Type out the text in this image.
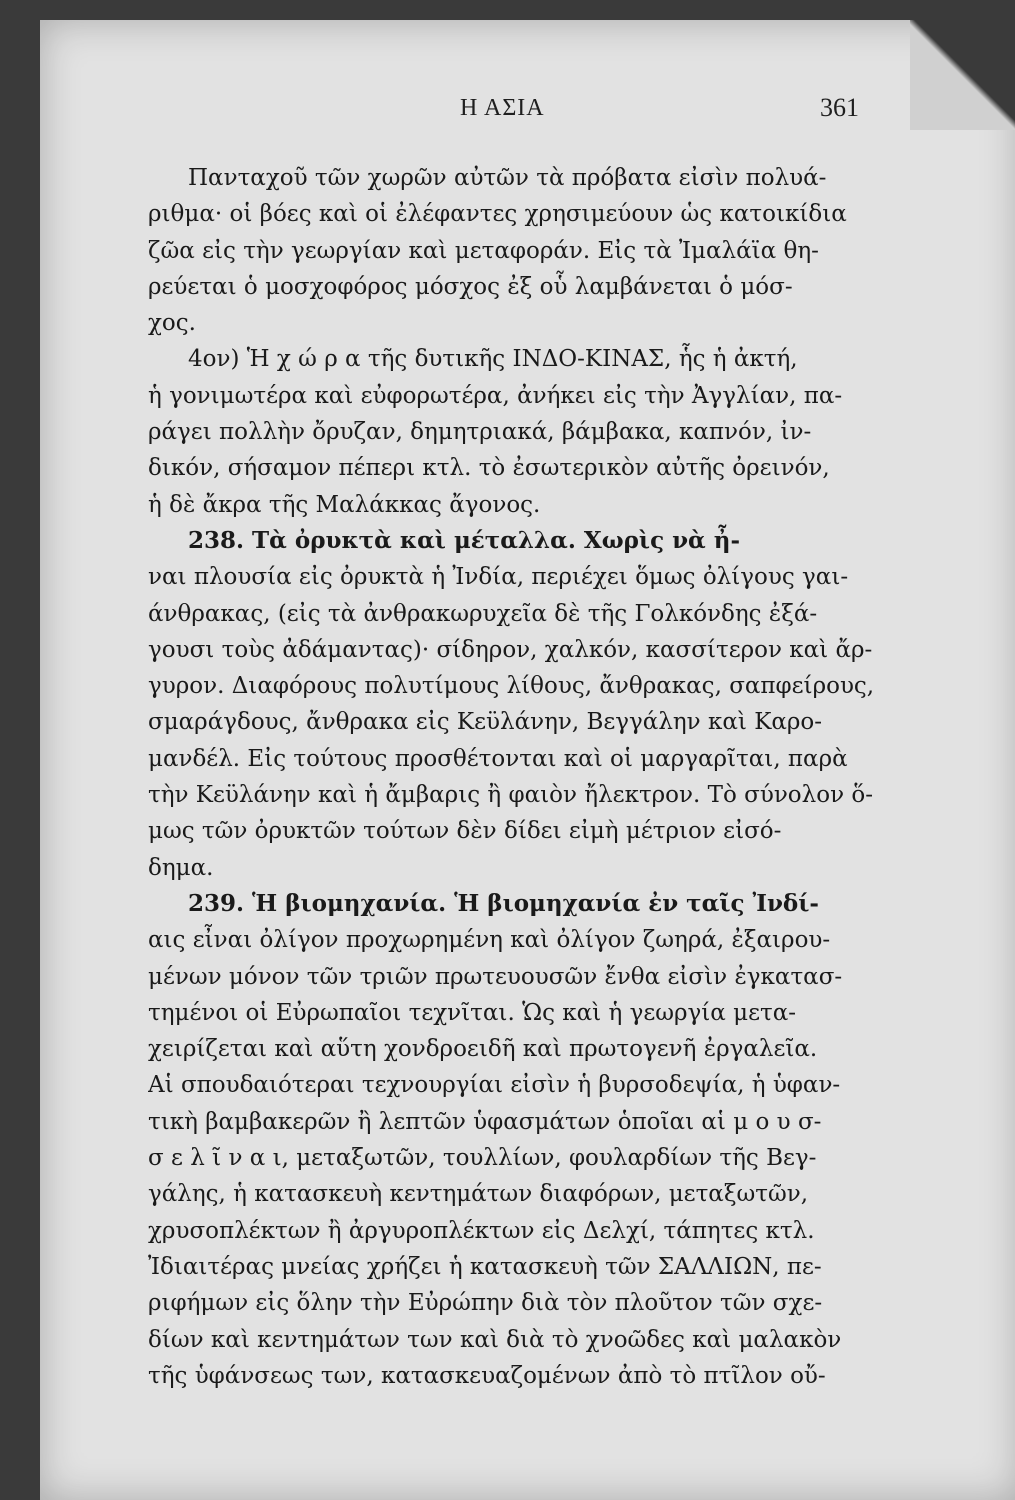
Η ΑΣΙΑ	361
Πανταχοῦ τῶν χωρῶν αὐτῶν τὰ πρόβατα εἰσὶν πολυά-
ριθμα· οἱ βόες καὶ οἱ ἐλέφαντες χρησιμεύουν ὡς κατοικίδια
ζῶα εἰς τὴν γεωργίαν καὶ μεταφοράν. Εἰς τὰ Ἰμαλάϊα θη-
ρεύεται ὁ μοσχοφόρος μόσχος ἐξ οὗ λαμβάνεται ὁ μόσ-
χος.
4ον) Ἡ χ ώ ρ α τῆς δυτικῆς ΙΝΔΟ-ΚΙΝΑΣ, ἧς ἡ ἀκτή,
ἡ γονιμωτέρα καὶ εὐφορωτέρα, ἀνήκει εἰς τὴν Ἀγγλίαν, πα-
ράγει πολλὴν ὄρυζαν, δημητριακά, βάμβακα, καπνόν, ἰν-
δικόν, σήσαμον πέπερι κτλ. τὸ ἐσωτερικὸν αὐτῆς ὀρεινόν,
ἡ δὲ ἄκρα τῆς Μαλάκκας ἄγονος.
238. Τὰ ὀρυκτὰ καὶ μέταλλα. Χωρὶς νὰ ἦ-
ναι πλουσία εἰς ὀρυκτὰ ἡ Ἰνδία, περιέχει ὅμως ὀλίγους γαι-
άνθρακας, (εἰς τὰ ἀνθρακωρυχεῖα δὲ τῆς Γολκόνδης ἐξά-
γουσι τοὺς ἀδάμαντας)· σίδηρον, χαλκόν, κασσίτερον καὶ ἄρ-
γυρον. Διαφόρους πολυτίμους λίθους, ἄνθρακας, σαπφείρους,
σμαράγδους, ἄνθρακα εἰς Κεϋλάνην, Βεγγάλην καὶ Καρο-
μανδέλ. Εἰς τούτους προσθέτονται καὶ οἱ μαργαρῖται, παρὰ
τὴν Κεϋλάνην καὶ ἡ ἄμβαρις ἢ φαιὸν ἤλεκτρον. Τὸ σύνολον ὅ-
μως τῶν ὀρυκτῶν τούτων δὲν δίδει εἰμὴ μέτριον εἰσό-
δημα.
239. Ἡ βιομηχανία. Ἡ βιομηχανία ἐν ταῖς Ἰνδί-
αις εἶναι ὀλίγον προχωρημένη καὶ ὀλίγον ζωηρά, ἐξαιρου-
μένων μόνον τῶν τριῶν πρωτευουσῶν ἔνθα εἰσὶν ἐγκατασ-
τημένοι οἱ Εὐρωπαῖοι τεχνῖται. Ὡς καὶ ἡ γεωργία μετα-
χειρίζεται καὶ αὕτη χονδροειδῆ καὶ πρωτογενῆ ἐργαλεῖα.
Αἱ σπουδαιότεραι τεχνουργίαι εἰσὶν ἡ βυρσοδεψία, ἡ ὑφαν-
τικὴ βαμβακερῶν ἢ λεπτῶν ὑφασμάτων ὁποῖαι αἱ μ ο υ σ-
σ ε λ ῖ ν α ι, μεταξωτῶν, τουλλίων, φουλαρδίων τῆς Βεγ-
γάλης, ἡ κατασκευὴ κεντημάτων διαφόρων, μεταξωτῶν,
χρυσοπλέκτων ἢ ἀργυροπλέκτων εἰς Δελχί, τάπητες κτλ.
Ἰδιαιτέρας μνείας χρήζει ἡ κατασκευὴ τῶν ΣΑΛΛΙΩΝ, πε-
ριφήμων εἰς ὅλην τὴν Εὐρώπην διὰ τὸν πλοῦτον τῶν σχε-
δίων καὶ κεντημάτων των καὶ διὰ τὸ χνοῶδες καὶ μαλακὸν
τῆς ὑφάνσεως των, κατασκευαζομένων ἀπὸ τὸ πτῖλον οὔ-
